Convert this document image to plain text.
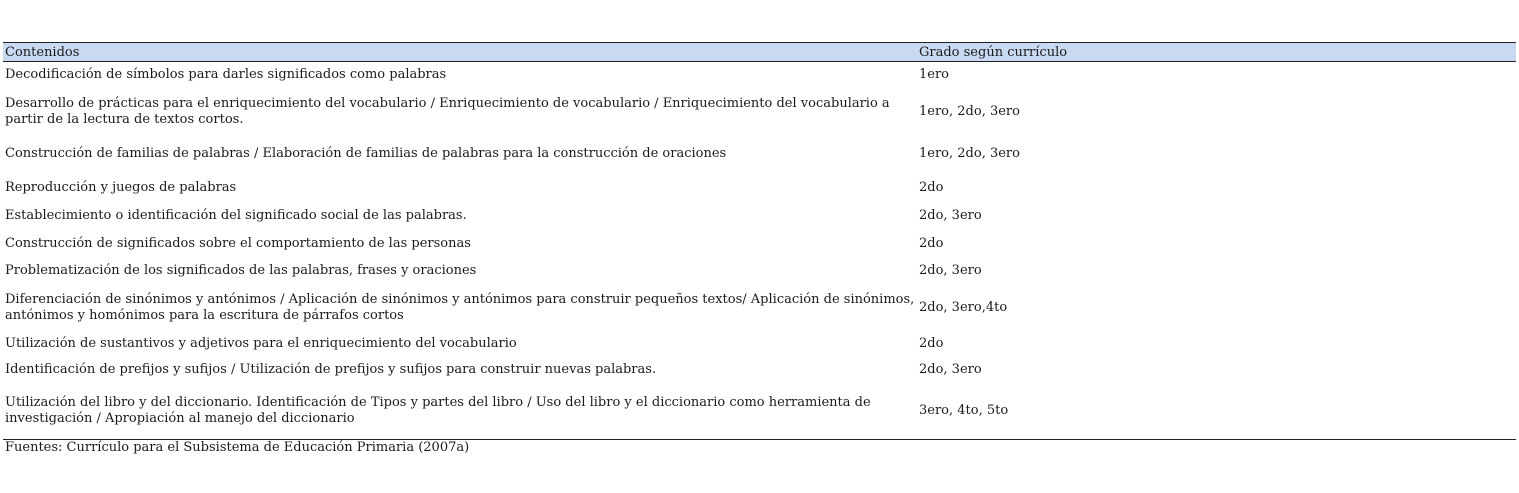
Contenidos	Grado según currículo
Decodificación de símbolos para darles significados como palabras	1ero
Desarrollo de prácticas para el enriquecimiento del vocabulario / Enriquecimiento de vocabulario / Enriquecimiento del vocabulario a partir de la lectura de textos cortos.	1ero, 2do, 3ero
Construcción de familias de palabras / Elaboración de familias de palabras para la construcción de oraciones	1ero, 2do, 3ero
Reproducción y juegos de palabras	2do
Establecimiento o identificación del significado social de las palabras.	2do, 3ero
Construcción de significados sobre el comportamiento de las personas	2do
Problematización de los significados de las palabras, frases y oraciones	2do, 3ero
Diferenciación de sinónimos y antónimos / Aplicación de sinónimos y antónimos para construir pequeños textos/ Aplicación de sinónimos, antónimos y homónimos para la escritura de párrafos cortos	2do, 3ero,4to
Utilización de sustantivos y adjetivos para el enriquecimiento del vocabulario	2do
Identificación de prefijos y sufijos / Utilización de prefijos y sufijos para construir nuevas palabras.	2do, 3ero
Utilización del libro y del diccionario. Identificación de Tipos y partes del libro / Uso del libro y el diccionario como herramienta de investigación / Apropiación al manejo del diccionario	3ero, 4to, 5to
Fuentes: Currículo para el Subsistema de Educación Primaria (2007a)
